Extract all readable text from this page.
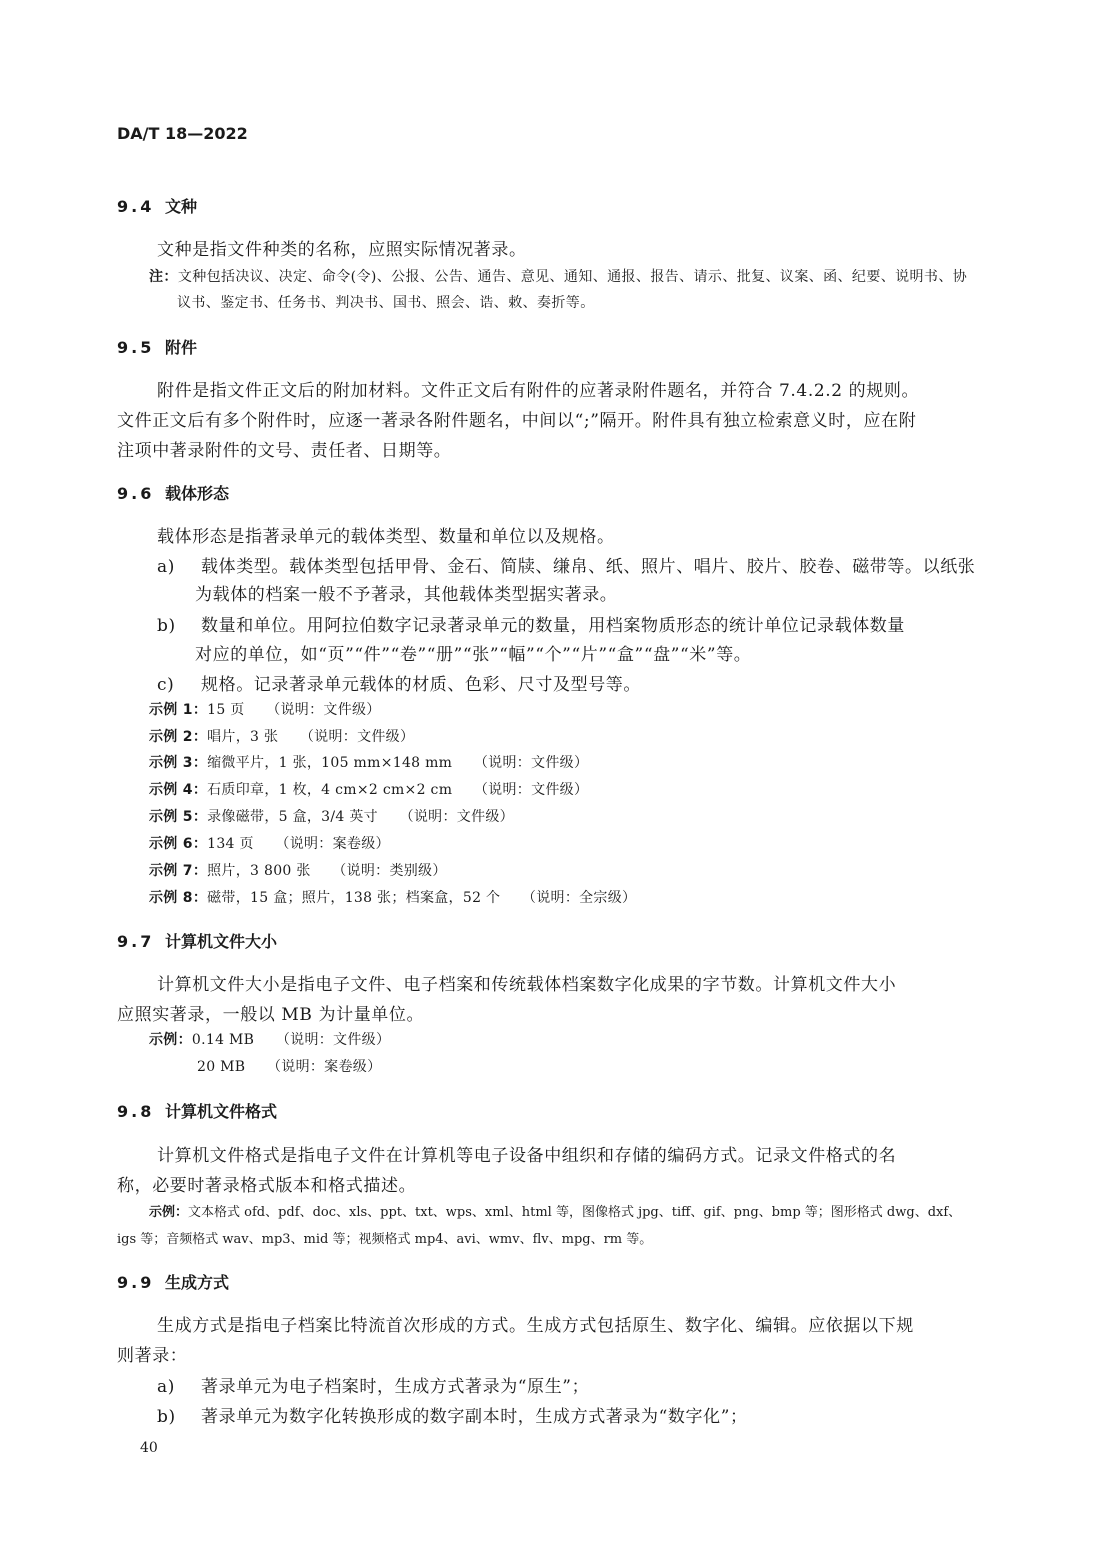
DA/T 18—2022
9.4 文种
文种是指文件种类的名称，应照实际情况著录。
注：文种包括决议、决定、命令(令)、公报、公告、通告、意见、通知、通报、报告、请示、批复、议案、函、纪要、说明书、协
议书、鉴定书、任务书、判决书、国书、照会、诰、敕、奏折等。
9.5 附件
附件是指文件正文后的附加材料。文件正文后有附件的应著录附件题名，并符合 7.4.2.2 的规则。
文件正文后有多个附件时，应逐一著录各附件题名，中间以“;”隔开。附件具有独立检索意义时，应在附
注项中著录附件的文号、责任者、日期等。
9.6 载体形态
载体形态是指著录单元的载体类型、数量和单位以及规格。
a) 载体类型。载体类型包括甲骨、金石、简牍、缣帛、纸、照片、唱片、胶片、胶卷、磁带等。以纸张
为载体的档案一般不予著录，其他载体类型据实著录。
b) 数量和单位。用阿拉伯数字记录著录单元的数量，用档案物质形态的统计单位记录载体数量
对应的单位，如“页”“件”“卷”“册”“张”“幅”“个”“片”“盒”“盘”“米”等。
c) 规格。记录著录单元载体的材质、色彩、尺寸及型号等。
示例 1：15 页　　（说明：文件级）
示例 2：唱片，3 张　　（说明：文件级）
示例 3：缩微平片，1 张，105 mm×148 mm　　（说明：文件级）
示例 4：石质印章，1 枚，4 cm×2 cm×2 cm　　（说明：文件级）
示例 5：录像磁带，5 盒，3/4 英寸　　（说明：文件级）
示例 6：134 页　　（说明：案卷级）
示例 7：照片，3 800 张　　（说明：类别级）
示例 8：磁带，15 盒；照片，138 张；档案盒，52 个　　（说明：全宗级）
9.7 计算机文件大小
计算机文件大小是指电子文件、电子档案和传统载体档案数字化成果的字节数。计算机文件大小
应照实著录，一般以 MB 为计量单位。
示例：0.14 MB　　（说明：文件级）
20 MB　　（说明：案卷级）
9.8 计算机文件格式
计算机文件格式是指电子文件在计算机等电子设备中组织和存储的编码方式。记录文件格式的名
称，必要时著录格式版本和格式描述。
示例：文本格式 ofd、pdf、doc、xls、ppt、txt、wps、xml、html 等，图像格式 jpg、tiff、gif、png、bmp 等；图形格式 dwg、dxf、
igs 等；音频格式 wav、mp3、mid 等；视频格式 mp4、avi、wmv、flv、mpg、rm 等。
9.9 生成方式
生成方式是指电子档案比特流首次形成的方式。生成方式包括原生、数字化、编辑。应依据以下规
则著录：
a) 著录单元为电子档案时，生成方式著录为“原生”；
b) 著录单元为数字化转换形成的数字副本时，生成方式著录为“数字化”；
40
